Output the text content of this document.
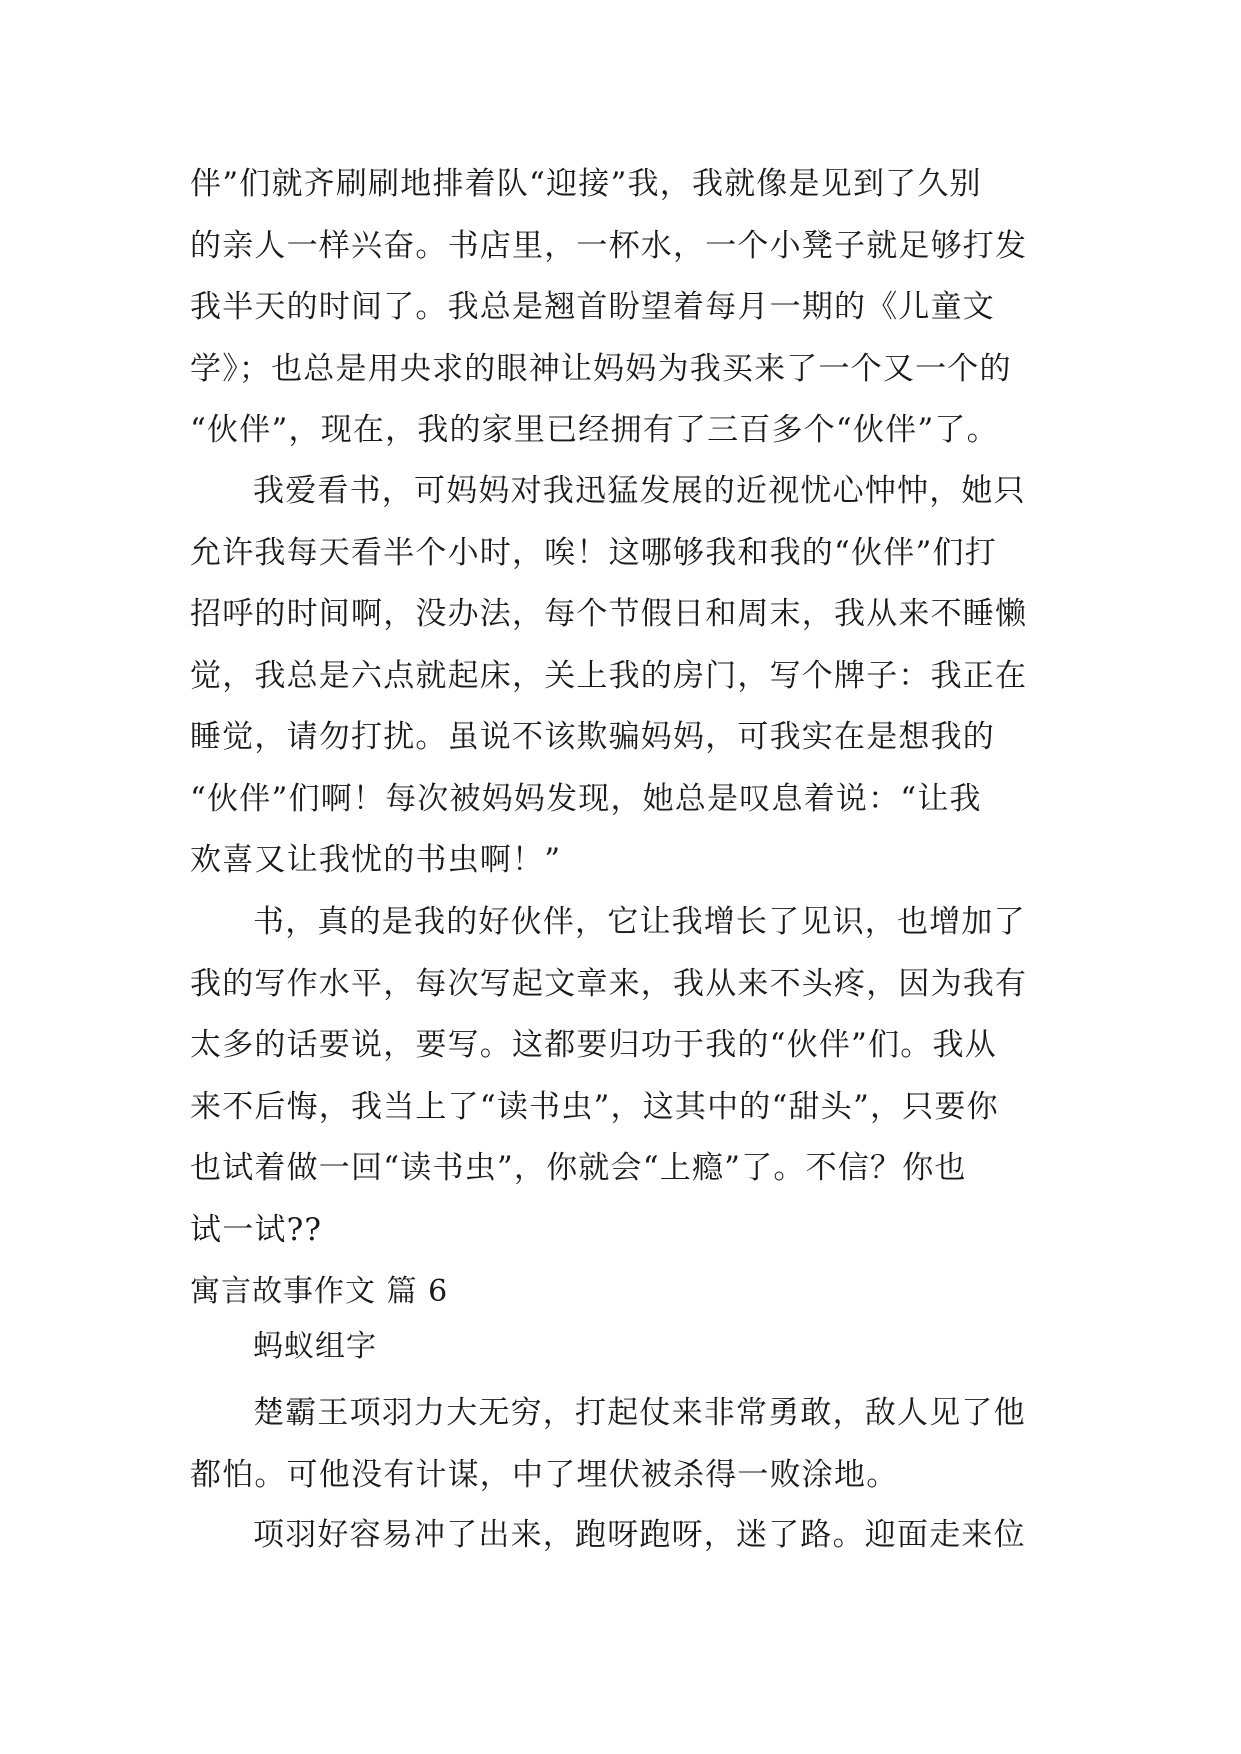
伴”们就齐刷刷地排着队“迎接”我，我就像是见到了久别
的亲人一样兴奋。书店里，一杯水，一个小凳子就足够打发
我半天的时间了。我总是翘首盼望着每月一期的《儿童文
学》；也总是用央求的眼神让妈妈为我买来了一个又一个的
“伙伴”，现在，我的家里已经拥有了三百多个“伙伴”了。
我爱看书，可妈妈对我迅猛发展的近视忧心忡忡，她只
允许我每天看半个小时，唉！这哪够我和我的“伙伴”们打
招呼的时间啊，没办法，每个节假日和周末，我从来不睡懒
觉，我总是六点就起床，关上我的房门，写个牌子：我正在
睡觉，请勿打扰。虽说不该欺骗妈妈，可我实在是想我的
“伙伴”们啊！每次被妈妈发现，她总是叹息着说：“让我
欢喜又让我忧的书虫啊！”
书，真的是我的好伙伴，它让我增长了见识，也增加了
我的写作水平，每次写起文章来，我从来不头疼，因为我有
太多的话要说，要写。这都要归功于我的“伙伴”们。我从
来不后悔，我当上了“读书虫”，这其中的“甜头”，只要你
也试着做一回“读书虫”，你就会“上瘾”了。不信？你也
试一试??
寓言故事作文 篇 6
蚂蚁组字
楚霸王项羽力大无穷，打起仗来非常勇敢，敌人见了他
都怕。可他没有计谋，中了埋伏被杀得一败涂地。
项羽好容易冲了出来，跑呀跑呀，迷了路。迎面走来位
